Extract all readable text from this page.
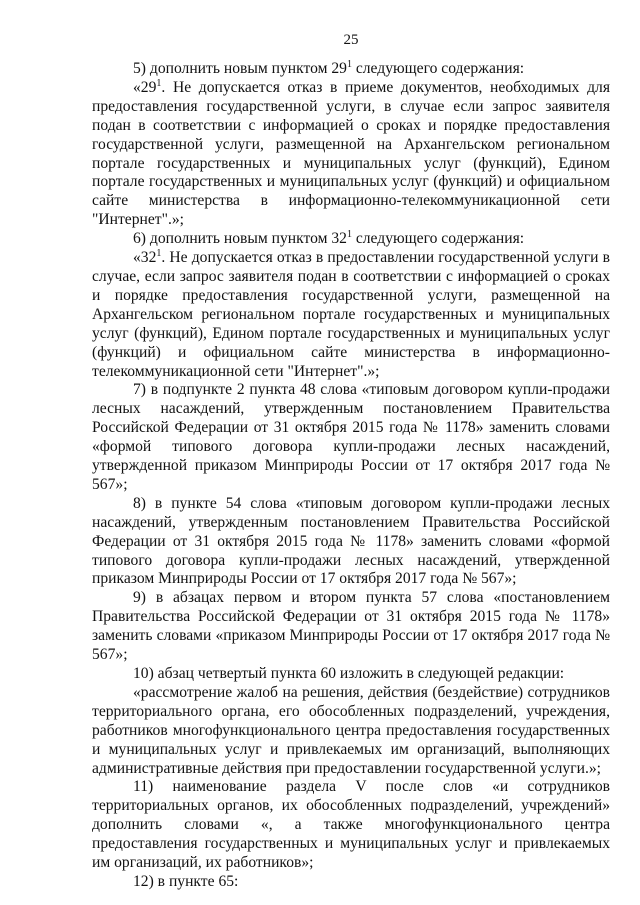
25

5) дополнить новым пунктом $29^1$ следующего содержания:

«$29^1$. Не допускается отказ в приеме документов, необходимых для предоставления государственной услуги, в случае если запрос заявителя подан в соответствии с информацией о сроках и порядке предоставления государственной услуги, размещенной на Архангельском региональном портале государственных и муниципальных услуг (функций), Едином портале государственных и муниципальных услуг (функций) и официальном сайте министерства в информационно-телекоммуникационной сети "Интернет".»;

6) дополнить новым пунктом $32^1$ следующего содержания:

«$32^1$. Не допускается отказ в предоставлении государственной услуги в случае, если запрос заявителя подан в соответствии с информацией о сроках и порядке предоставления государственной услуги, размещенной на Архангельском региональном портале государственных и муниципальных услуг (функций), Едином портале государственных и муниципальных услуг (функций) и официальном сайте министерства в информационно-телекоммуникационной сети "Интернет".»;

7) в подпункте 2 пункта 48 слова «типовым договором купли-продажи лесных насаждений, утвержденным постановлением Правительства Российской Федерации от 31 октября 2015 года № 1178» заменить словами «формой типового договора купли-продажи лесных насаждений, утвержденной приказом Минприроды России от 17 октября 2017 года № 567»;

8) в пункте 54 слова «типовым договором купли-продажи лесных насаждений, утвержденным постановлением Правительства Российской Федерации от 31 октября 2015 года № 1178» заменить словами «формой типового договора купли-продажи лесных насаждений, утвержденной приказом Минприроды России от 17 октября 2017 года № 567»;

9) в абзацах первом и втором пункта 57 слова «постановлением Правительства Российской Федерации от 31 октября 2015 года № 1178» заменить словами «приказом Минприроды России от 17 октября 2017 года № 567»;

10) абзац четвертый пункта 60 изложить в следующей редакции:

«рассмотрение жалоб на решения, действия (бездействие) сотрудников территориального органа, его обособленных подразделений, учреждения, работников многофункционального центра предоставления государственных и муниципальных услуг и привлекаемых им организаций, выполняющих административные действия при предоставлении государственной услуги.»;

11) наименование раздела V после слов «и сотрудников территориальных органов, их обособленных подразделений, учреждений» дополнить словами «, а также многофункционального центра предоставления государственных и муниципальных услуг и привлекаемых им организаций, их работников»;

12) в пункте 65:
